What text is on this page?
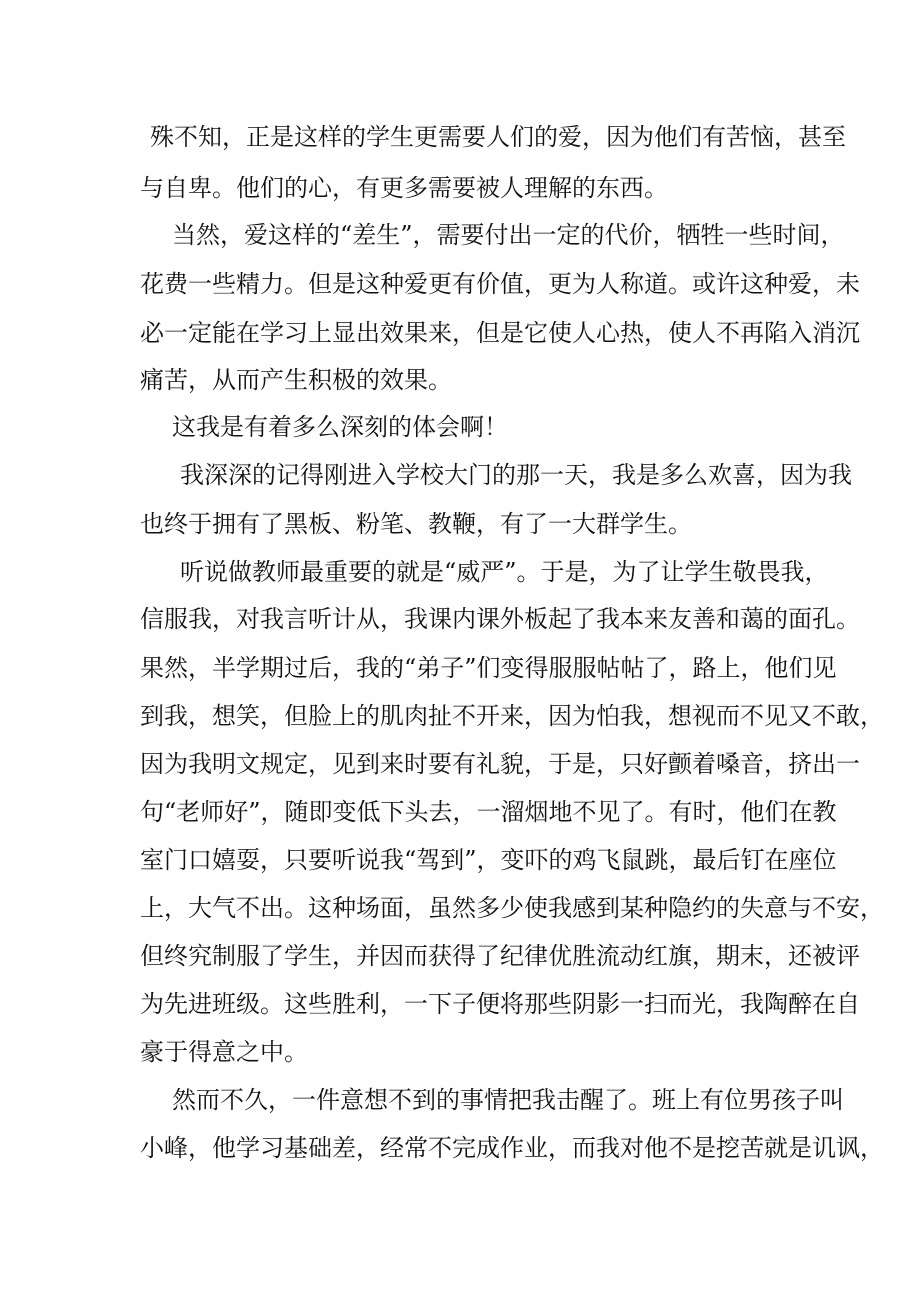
殊不知，正是这样的学生更需要人们的爱，因为他们有苦恼，甚至
与自卑。他们的心，有更多需要被人理解的东西。
当然，爱这样的“差生”，需要付出一定的代价，牺牲一些时间，
花费一些精力。但是这种爱更有价值，更为人称道。或许这种爱，未
必一定能在学习上显出效果来，但是它使人心热，使人不再陷入消沉
痛苦，从而产生积极的效果。
这我是有着多么深刻的体会啊！
我深深的记得刚进入学校大门的那一天，我是多么欢喜，因为我
也终于拥有了黑板、粉笔、教鞭，有了一大群学生。
听说做教师最重要的就是“威严”。于是，为了让学生敬畏我，
信服我，对我言听计从，我课内课外板起了我本来友善和蔼的面孔。
果然，半学期过后，我的“弟子”们变得服服帖帖了，路上，他们见
到我，想笑，但脸上的肌肉扯不开来，因为怕我，想视而不见又不敢，
因为我明文规定，见到来时要有礼貌，于是，只好颤着嗓音，挤出一
句“老师好”，随即变低下头去，一溜烟地不见了。有时，他们在教
室门口嬉耍，只要听说我“驾到”，变吓的鸡飞鼠跳，最后钉在座位
上，大气不出。这种场面，虽然多少使我感到某种隐约的失意与不安，
但终究制服了学生，并因而获得了纪律优胜流动红旗，期末，还被评
为先进班级。这些胜利，一下子便将那些阴影一扫而光，我陶醉在自
豪于得意之中。
然而不久，一件意想不到的事情把我击醒了。班上有位男孩子叫
小峰，他学习基础差，经常不完成作业，而我对他不是挖苦就是讥讽，
